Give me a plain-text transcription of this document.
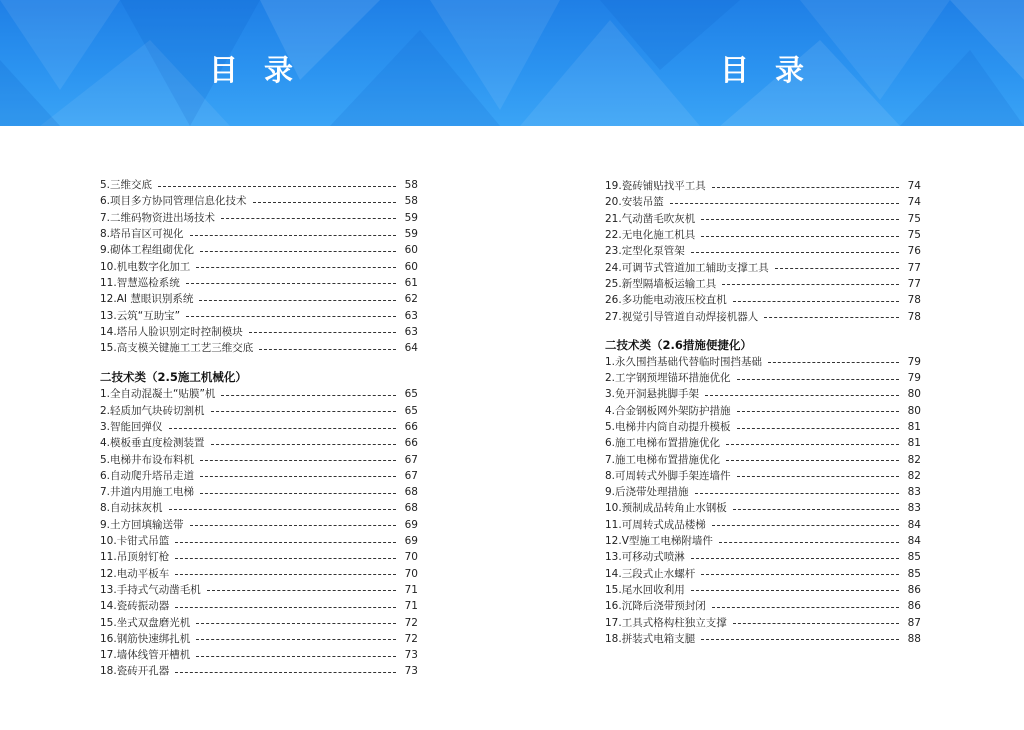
目 录	目 录
5.三维交底	58
6.项目多方协同管理信息化技术	58
7.二维码物资进出场技术	59
8.塔吊盲区可视化	59
9.砌体工程组砌优化	60
10.机电数字化加工	60
11.智慧巡检系统	61
12.AI 慧眼识别系统	62
13.云筑“互助宝”	63
14.塔吊人脸识别定时控制模块	63
15.高支模关键施工工艺三维交底	64
二技术类（2.5施工机械化）
1.全自动混凝土“贴膜”机	65
2.轻质加气块砖切割机	65
3.智能回弹仪	66
4.模板垂直度检测装置	66
5.电梯井布设布料机	67
6.自动爬升塔吊走道	67
7.井道内用施工电梯	68
8.自动抹灰机	68
9.土方回填输送带	69
10.卡钳式吊篮	69
11.吊顶射钉枪	70
12.电动平板车	70
13.手持式气动凿毛机	71
14.瓷砖振动器	71
15.坐式双盘磨光机	72
16.钢筋快速绑扎机	72
17.墙体线管开槽机	73
18.瓷砖开孔器	73
19.瓷砖铺贴找平工具	74
20.安装吊篮	74
21.气动凿毛吹灰机	75
22.无电化施工机具	75
23.定型化泵管架	76
24.可调节式管道加工辅助支撑工具	77
25.新型隔墙板运输工具	77
26.多功能电动液压校直机	78
27.视觉引导管道自动焊接机器人	78
二技术类（2.6措施便捷化）
1.永久围挡基础代替临时围挡基础	79
2.工字钢预埋锚环措施优化	79
3.免开洞悬挑脚手架	80
4.合金钢板网外架防护措施	80
5.电梯井内筒自动提升模板	81
6.施工电梯布置措施优化	81
7.施工电梯布置措施优化	82
8.可周转式外脚手架连墙件	82
9.后浇带处理措施	83
10.预制成品转角止水钢板	83
11.可周转式成品楼梯	84
12.V型施工电梯附墙件	84
13.可移动式喷淋	85
14.三段式止水螺杆	85
15.尾水回收利用	86
16.沉降后浇带预封闭	86
17.工具式格构柱独立支撑	87
18.拼装式电箱支腿	88
